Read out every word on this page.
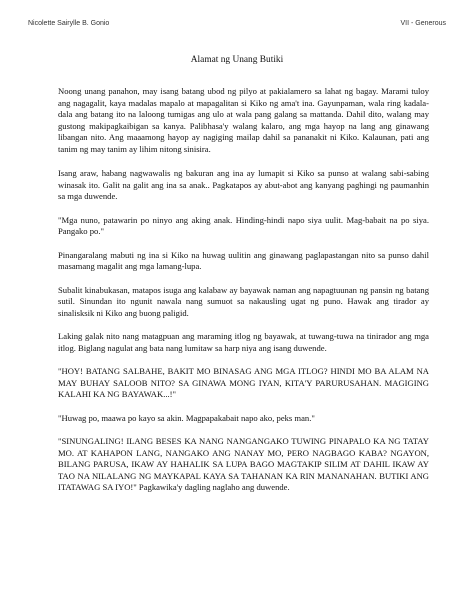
Nicolette Sairylle B. Gonio	VII - Generous
Alamat ng Unang Butiki

Noong unang panahon, may isang batang ubod ng pilyo at pakialamero sa lahat ng bagay. Marami tuloy ang nagagalit, kaya madalas mapalo at mapagalitan si Kiko ng ama't ina. Gayunpaman, wala ring kadala-dala ang batang ito na laloong tumigas ang ulo at wala pang galang sa mattanda. Dahil dito, walang may gustong makipagkaibigan sa kanya. Palibhasa'y walang kalaro, ang mga hayop na lang ang ginawang libangan nito. Ang maaamong hayop ay nagiging mailap dahil sa pananakit ni Kiko. Kalaunan, pati ang tanim ng may tanim ay lihim nitong sinisira.

Isang araw, habang nagwawalis ng bakuran ang ina ay lumapit si Kiko sa punso at walang sabi-sabing winasak ito. Galit na galit ang ina sa anak.. Pagkatapos ay abut-abot ang kanyang paghingi ng paumanhin sa mga duwende.

"Mga nuno, patawarin po ninyo ang aking anak. Hinding-hindi napo siya uulit. Mag-babait na po siya. Pangako po."

Pinangaralang mabuti ng ina si Kiko na huwag uulitin ang ginawang paglapastangan nito sa punso dahil masamang magalit ang mga lamang-lupa.

Subalit kinabukasan, matapos isuga ang kalabaw ay bayawak naman ang napagtuunan ng pansin ng batang sutil. Sinundan ito ngunit nawala nang sumuot sa nakausling ugat ng puno. Hawak ang tirador ay sinalisksik ni Kiko ang buong paligid.

Laking galak nito nang matagpuan ang maraming itlog ng bayawak, at tuwang-tuwa na tinirador ang mga itlog. Biglang nagulat ang bata nang lumitaw sa harp niya ang isang duwende.

"HOY! BATANG SALBAHE, BAKIT MO BINASAG ANG MGA ITLOG? HINDI MO BA ALAM NA MAY BUHAY SALOOB NITO? SA GINAWA MONG IYAN, KITA'Y PARURUSAHAN. MAGIGING KALAHI KA NG BAYAWAK...!"

"Huwag po, maawa po kayo sa akin. Magpapakabait napo ako, peks man."

"SINUNGALING! ILANG BESES KA NANG NANGANGAKO TUWING PINAPALO KA NG TATAY MO. AT KAHAPON LANG, NANGAKO ANG NANAY MO, PERO NAGBAGO KABA? NGAYON, BILANG PARUSA, IKAW AY HAHALIK SA LUPA BAGO MAGTAKIP SILIM AT DAHIL IKAW AY TAO NA NILALANG NG MAYKAPAL KAYA SA TAHANAN KA RIN MANANAHAN. BUTIKI ANG ITATAWAG SA IYO!" Pagkawika'y dagling naglaho ang duwende.
